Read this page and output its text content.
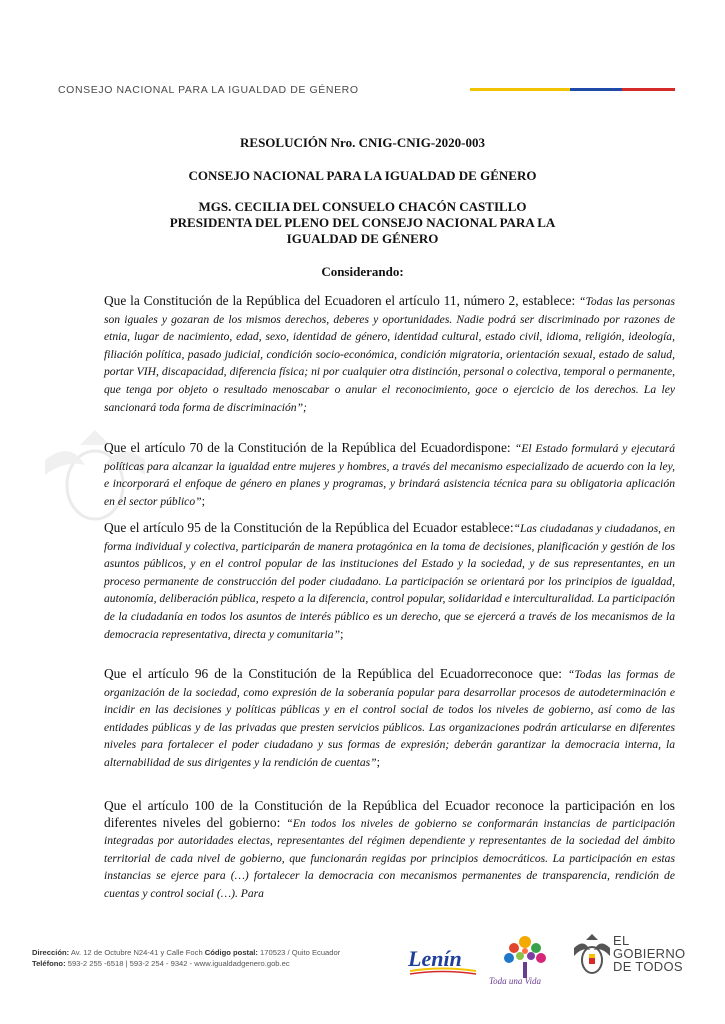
CONSEJO NACIONAL PARA LA IGUALDAD DE GÉNERO
RESOLUCIÓN Nro. CNIG-CNIG-2020-003
CONSEJO NACIONAL PARA LA IGUALDAD DE GÉNERO
MGS. CECILIA DEL CONSUELO CHACÓN CASTILLO
PRESIDENTA DEL PLENO DEL CONSEJO NACIONAL PARA LA
IGUALDAD DE GÉNERO
Considerando:
Que la Constitución de la República del Ecuadoren el artículo 11, número 2, establece: “Todas las personas son iguales y gozaran de los mismos derechos, deberes y oportunidades. Nadie podrá ser discriminado por razones de etnia, lugar de nacimiento, edad, sexo, identidad de género, identidad cultural, estado civil, idioma, religión, ideología, filiación política, pasado judicial, condición socio-económica, condición migratoria, orientación sexual, estado de salud, portar VIH, discapacidad, diferencia física; ni por cualquier otra distinción, personal o colectiva, temporal o permanente, que tenga por objeto o resultado menoscabar o anular el reconocimiento, goce o ejercicio de los derechos. La ley sancionará toda forma de discriminación”;
Que el artículo 70 de la Constitución de la República del Ecuadordispone: “El Estado formulará y ejecutará políticas para alcanzar la igualdad entre mujeres y hombres, a través del mecanismo especializado de acuerdo con la ley, e incorporará el enfoque de género en planes y programas, y brindará asistencia técnica para su obligatoria aplicación en el sector público”;
Que el artículo 95 de la Constitución de la República del Ecuador establece:“Las ciudadanas y ciudadanos, en forma individual y colectiva, participarán de manera protagónica en la toma de decisiones, planificación y gestión de los asuntos públicos, y en el control popular de las instituciones del Estado y la sociedad, y de sus representantes, en un proceso permanente de construcción del poder ciudadano. La participación se orientará por los principios de igualdad, autonomía, deliberación pública, respeto a la diferencia, control popular, solidaridad e interculturalidad. La participación de la ciudadanía en todos los asuntos de interés público es un derecho, que se ejercerá a través de los mecanismos de la democracia representativa, directa y comunitaria”;
Que el artículo 96 de la Constitución de la República del Ecuadorreconoce que: “Todas las formas de organización de la sociedad, como expresión de la soberanía popular para desarrollar procesos de autodeterminación e incidir en las decisiones y políticas públicas y en el control social de todos los niveles de gobierno, así como de las entidades públicas y de las privadas que presten servicios públicos. Las organizaciones podrán articularse en diferentes niveles para fortalecer el poder ciudadano y sus formas de expresión; deberán garantizar la democracia interna, la alternabilidad de sus dirigentes y la rendición de cuentas”;
Que el artículo 100 de la Constitución de la República del Ecuador reconoce la participación en los diferentes niveles del gobierno: “En todos los niveles de gobierno se conformarán instancias de participación integradas por autoridades electas, representantes del régimen dependiente y representantes de la sociedad del ámbito territorial de cada nivel de gobierno, que funcionarán regidas por principios democráticos. La participación en estas instancias se ejerce para (…) fortalecer la democracia con mecanismos permanentes de transparencia, rendición de cuentas y control social (…). Para
Dirección: Av. 12 de Octubre N24-41 y Calle Foch Código postal: 170523 / Quito Ecuador
Teléfono: 593-2 255 -6518 | 593-2 254 - 9342 - www.igualdadgenero.gob.ec	Lenín
Toda una Vida
EL
GOBIERNO
DE TODOS
